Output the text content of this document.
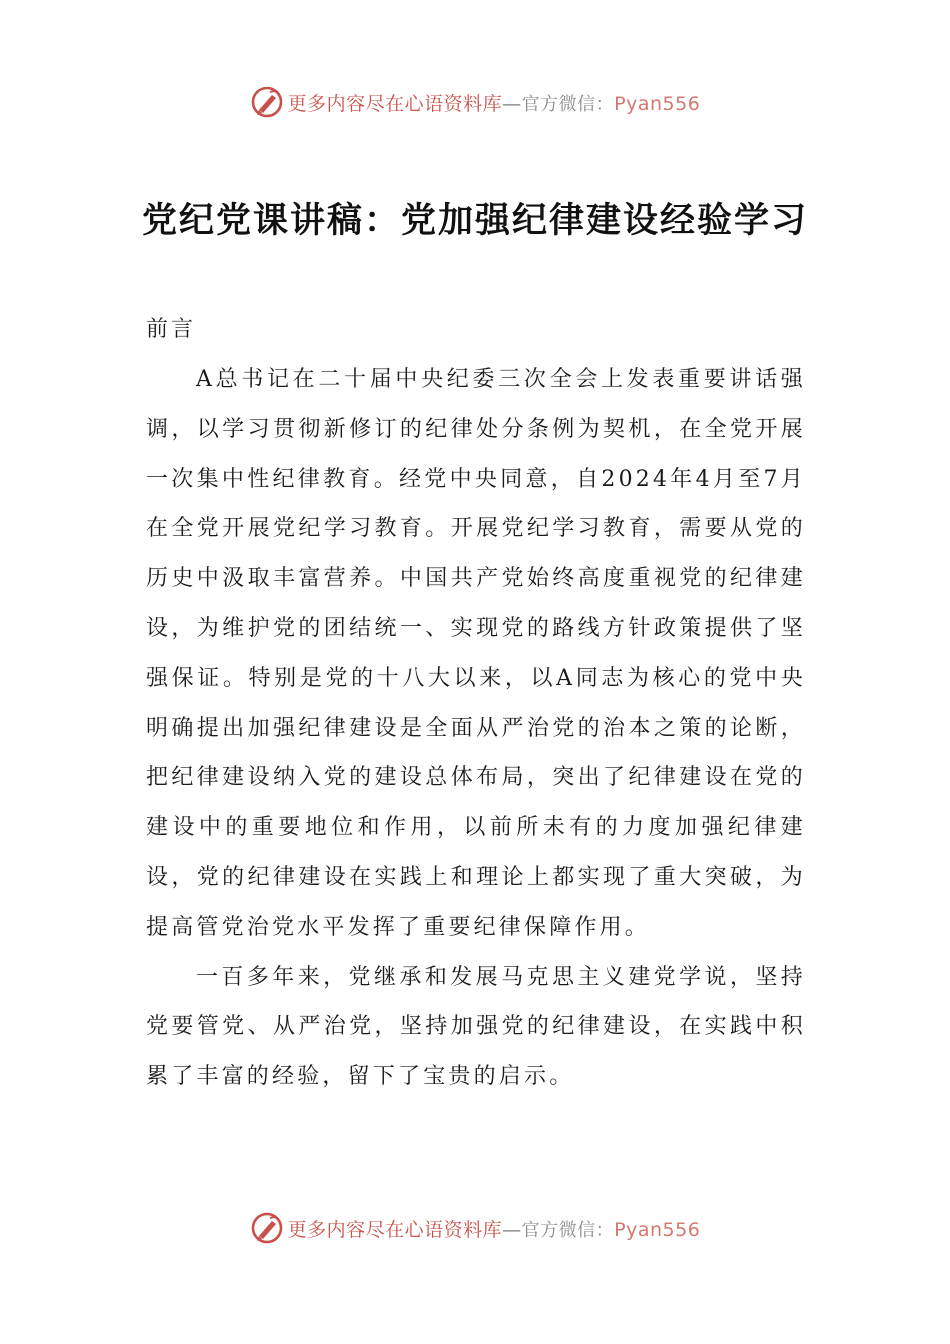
更多内容尽在心语资料库—官方微信：Pyan556
党纪党课讲稿：党加强纪律建设经验学习
前言

A总书记在二十届中央纪委三次全会上发表重要讲话强调，以学习贯彻新修订的纪律处分条例为契机，在全党开展一次集中性纪律教育。经党中央同意，自2024年4月至7月在全党开展党纪学习教育。开展党纪学习教育，需要从党的历史中汲取丰富营养。中国共产党始终高度重视党的纪律建设，为维护党的团结统一、实现党的路线方针政策提供了坚强保证。特别是党的十八大以来，以A同志为核心的党中央明确提出加强纪律建设是全面从严治党的治本之策的论断，把纪律建设纳入党的建设总体布局，突出了纪律建设在党的建设中的重要地位和作用，以前所未有的力度加强纪律建设，党的纪律建设在实践上和理论上都实现了重大突破，为提高管党治党水平发挥了重要纪律保障作用。

一百多年来，党继承和发展马克思主义建党学说，坚持党要管党、从严治党，坚持加强党的纪律建设，在实践中积累了丰富的经验，留下了宝贵的启示。

更多内容尽在心语资料库—官方微信：Pyan556
